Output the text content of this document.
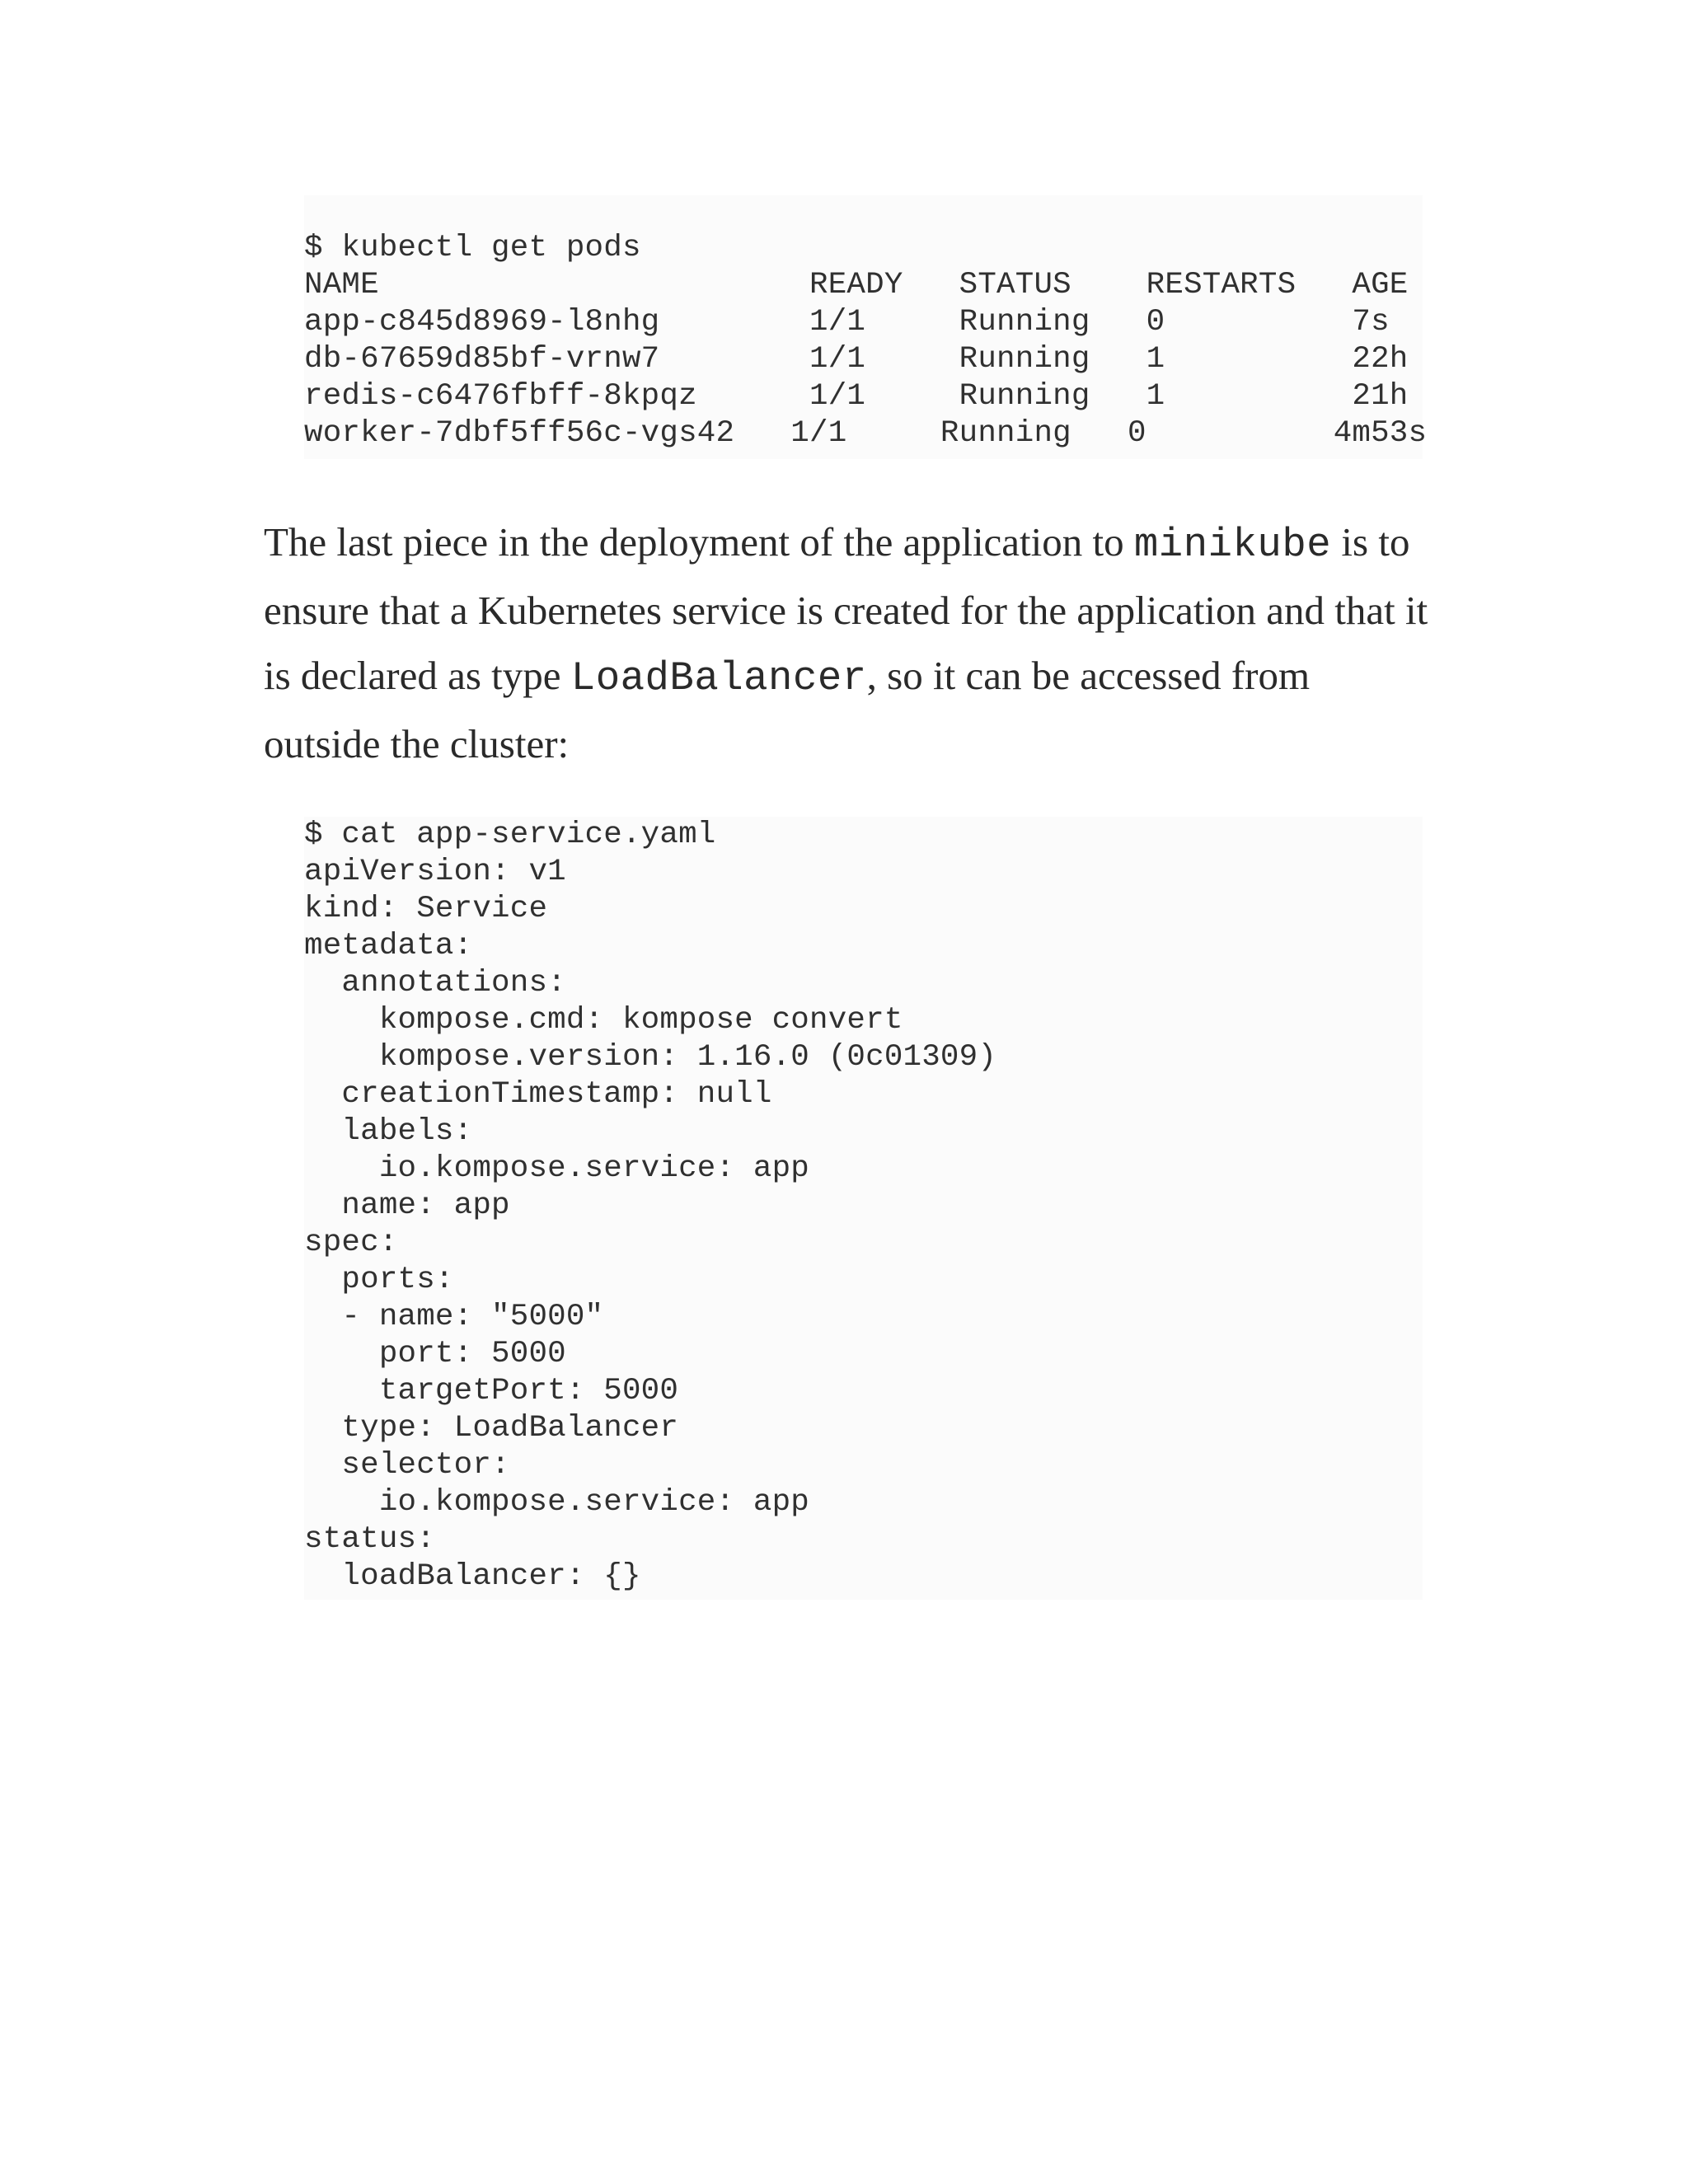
$ kubectl get pods
NAME                       READY   STATUS    RESTARTS   AGE
app-c845d8969-l8nhg        1/1     Running   0          7s
db-67659d85bf-vrnw7        1/1     Running   1          22h
redis-c6476fbff-8kpqz      1/1     Running   1          21h
worker-7dbf5ff56c-vgs42   1/1     Running   0          4m53s

The last piece in the deployment of the application to minikube is to ensure that a Kubernetes service is created for the application and that it is declared as type LoadBalancer, so it can be accessed from outside the cluster:

$ cat app-service.yaml
apiVersion: v1
kind: Service
metadata:
annotations:
kompose.cmd: kompose convert
kompose.version: 1.16.0 (0c01309)
creationTimestamp: null
labels:
io.kompose.service: app
name: app
spec:
ports:
- name: "5000"
port: 5000
targetPort: 5000
type: LoadBalancer
selector:
io.kompose.service: app
status:
loadBalancer: {}
